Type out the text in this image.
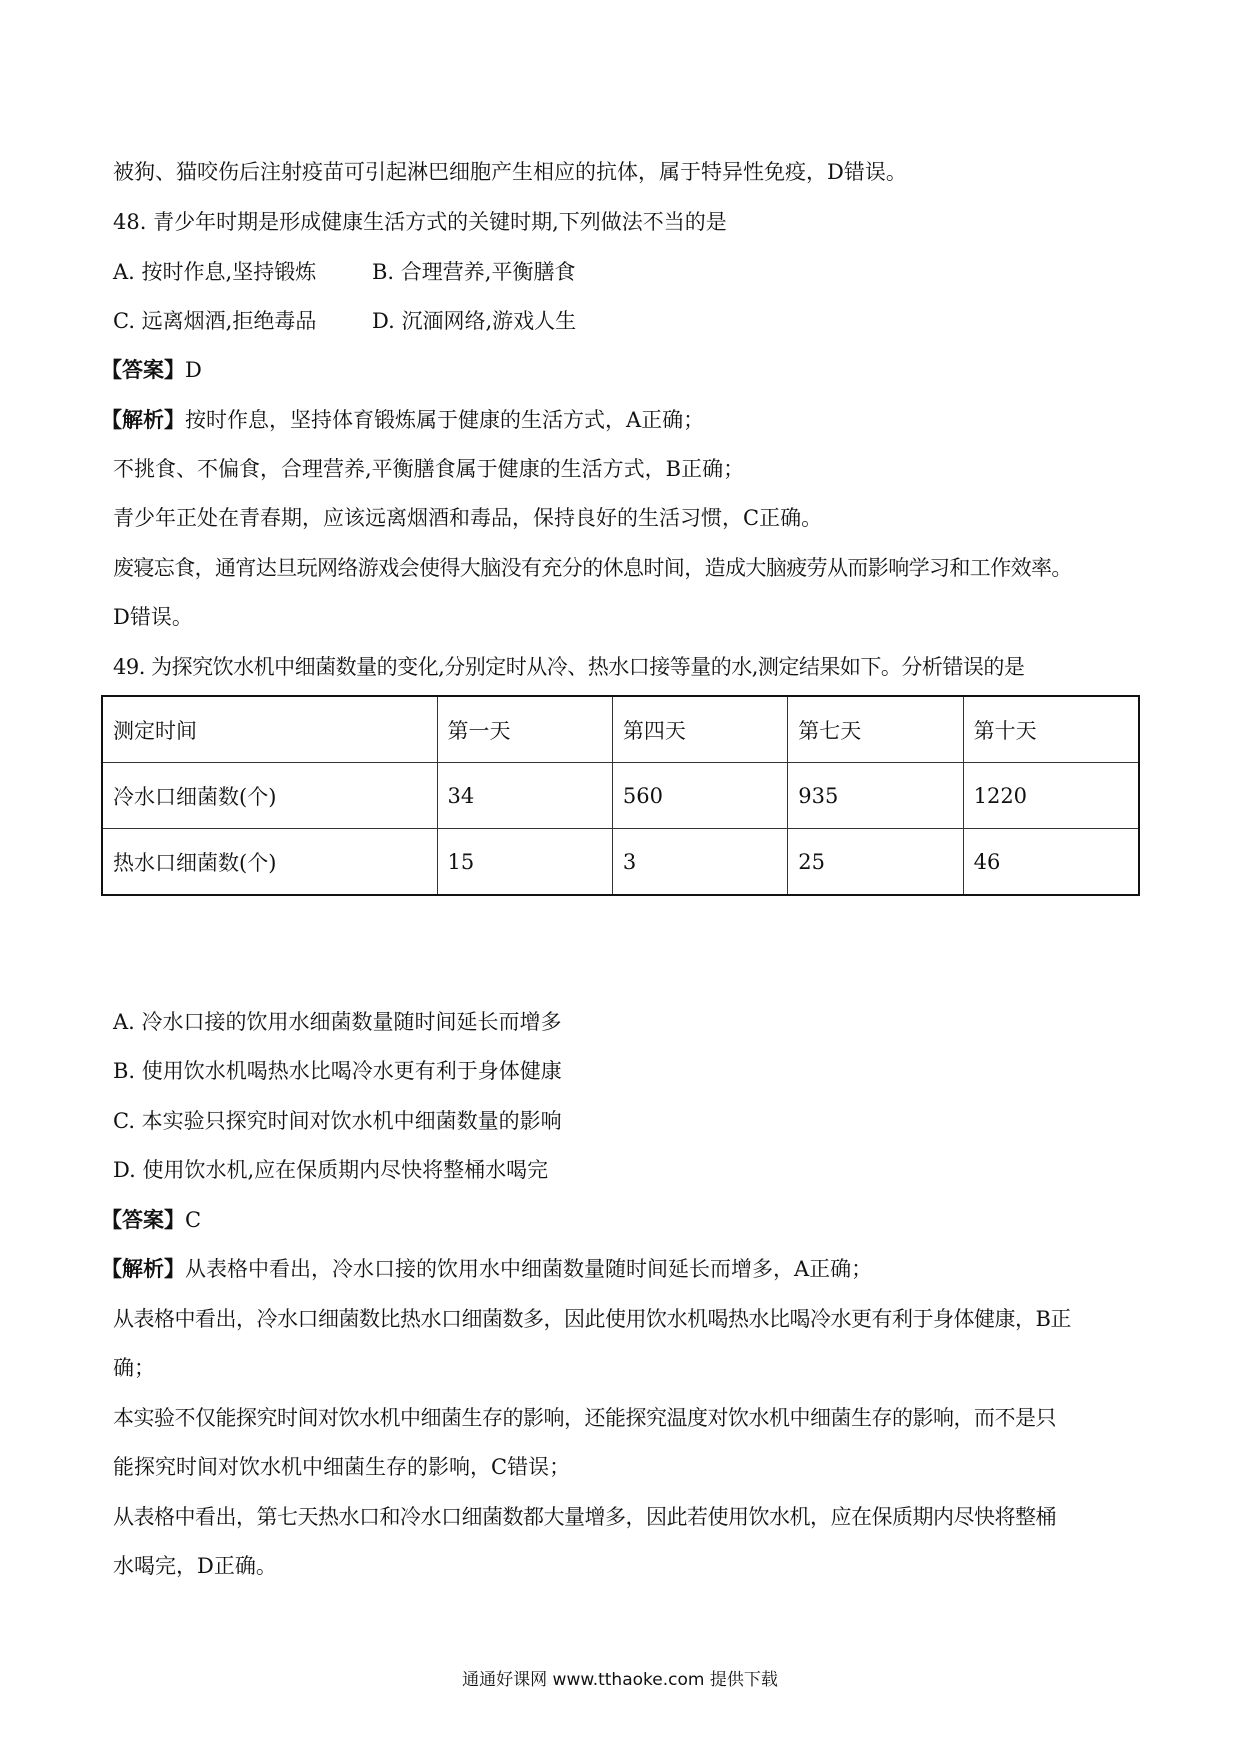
被狗、猫咬伤后注射疫苗可引起淋巴细胞产生相应的抗体，属于特异性免疫，D错误。
48. 青少年时期是形成健康生活方式的关键时期,下列做法不当的是
A. 按时作息,坚持锻炼	B. 合理营养,平衡膳食
C. 远离烟酒,拒绝毒品	D. 沉湎网络,游戏人生
【答案】D
【解析】按时作息，坚持体育锻炼属于健康的生活方式，A正确；
不挑食、不偏食，合理营养,平衡膳食属于健康的生活方式，B正确；
青少年正处在青春期，应该远离烟酒和毒品，保持良好的生活习惯，C正确。
废寝忘食，通宵达旦玩网络游戏会使得大脑没有充分的休息时间，造成大脑疲劳从而影响学习和工作效率。
D错误。
49. 为探究饮水机中细菌数量的变化,分别定时从冷、热水口接等量的水,测定结果如下。分析错误的是
测定时间	第一天	第四天	第七天	第十天
冷水口细菌数(个)	34	560	935	1220
热水口细菌数(个)	15	3	25	46
A. 冷水口接的饮用水细菌数量随时间延长而增多
B. 使用饮水机喝热水比喝冷水更有利于身体健康
C. 本实验只探究时间对饮水机中细菌数量的影响
D. 使用饮水机,应在保质期内尽快将整桶水喝完
【答案】C
【解析】从表格中看出，冷水口接的饮用水中细菌数量随时间延长而增多，A正确；
从表格中看出，冷水口细菌数比热水口细菌数多，因此使用饮水机喝热水比喝冷水更有利于身体健康，B正
确；
本实验不仅能探究时间对饮水机中细菌生存的影响，还能探究温度对饮水机中细菌生存的影响，而不是只
能探究时间对饮水机中细菌生存的影响，C错误；
从表格中看出，第七天热水口和冷水口细菌数都大量增多，因此若使用饮水机，应在保质期内尽快将整桶
水喝完，D正确。
通通好课网 www.tthaoke.com 提供下载
